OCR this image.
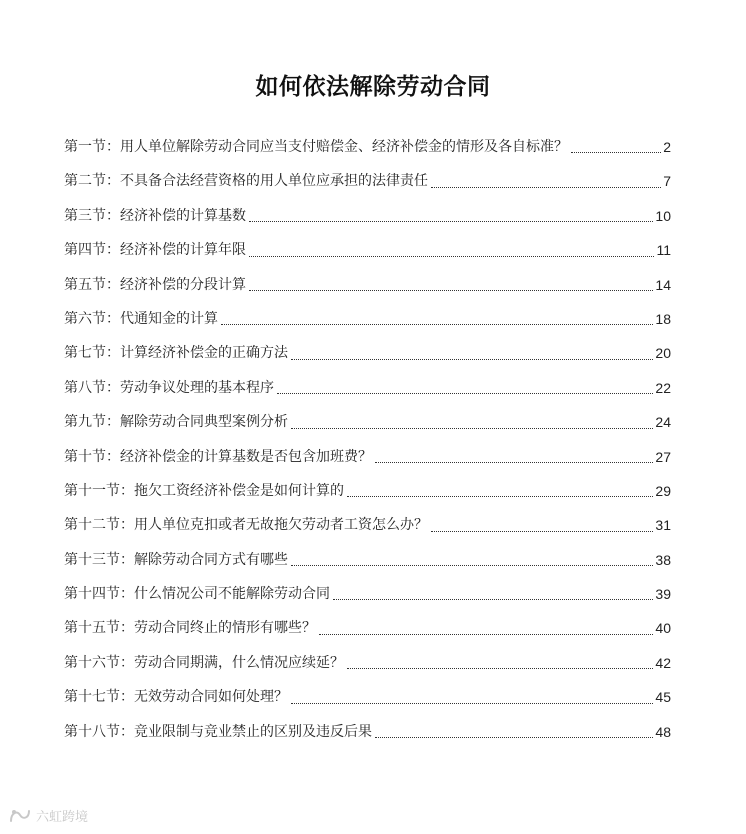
如何依法解除劳动合同
第一节：用人单位解除劳动合同应当支付赔偿金、经济补偿金的情形及各自标准？	2
第二节：不具备合法经营资格的用人单位应承担的法律责任	7
第三节：经济补偿的计算基数	10
第四节：经济补偿的计算年限	11
第五节：经济补偿的分段计算	14
第六节：代通知金的计算	18
第七节：计算经济补偿金的正确方法	20
第八节：劳动争议处理的基本程序	22
第九节：解除劳动合同典型案例分析	24
第十节：经济补偿金的计算基数是否包含加班费？	27
第十一节：拖欠工资经济补偿金是如何计算的	29
第十二节：用人单位克扣或者无故拖欠劳动者工资怎么办？	31
第十三节：解除劳动合同方式有哪些	38
第十四节：什么情况公司不能解除劳动合同	39
第十五节：劳动合同终止的情形有哪些？	40
第十六节：劳动合同期满，什么情况应续延？	42
第十七节：无效劳动合同如何处理？	45
第十八节：竞业限制与竞业禁止的区别及违反后果	48
六虹跨境
